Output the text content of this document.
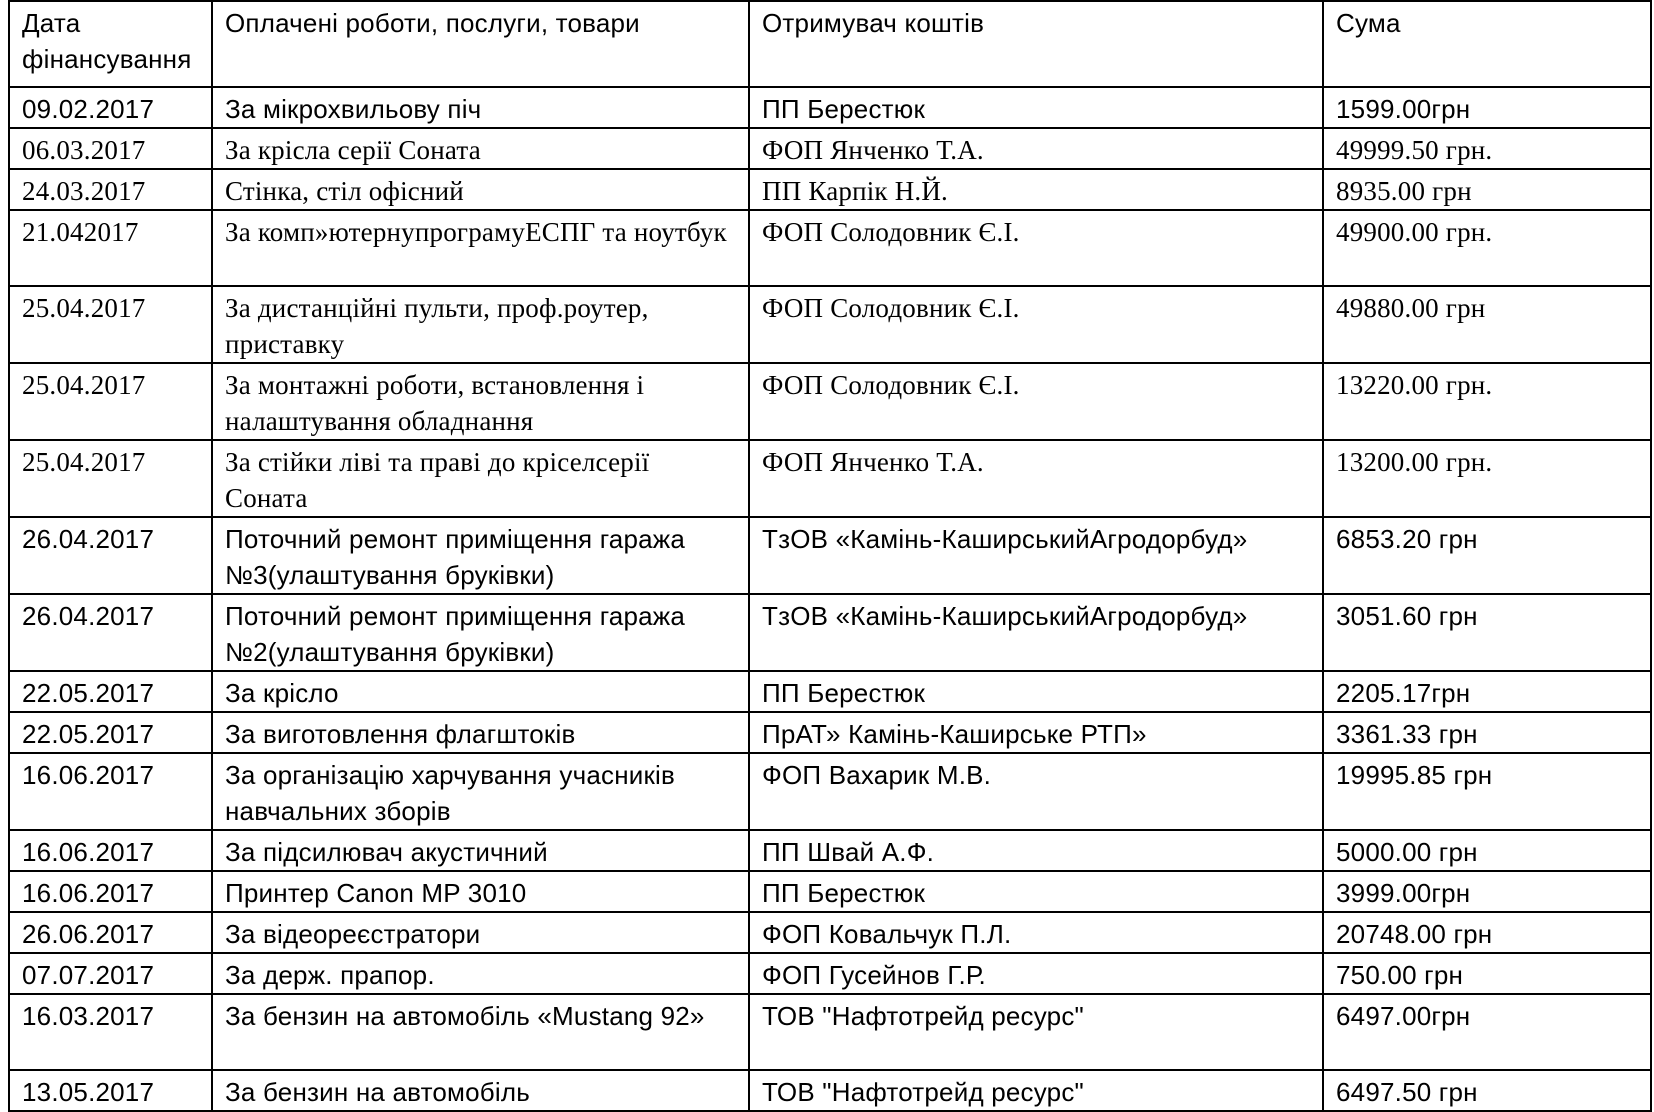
Дата фінансування	Оплачені роботи, послуги, товари	Отримувач коштів	Сума
09.02.2017	За мікрохвильову піч	ПП Берестюк	1599.00грн
06.03.2017	За крісла серії Соната	ФОП Янченко Т.А.	49999.50 грн.
24.03.2017	Стінка, стіл офісний	ПП Карпік Н.Й.	8935.00 грн
21.042017	За комп»ютернупрограмуЕСПГ та ноутбук	ФОП Солодовник Є.І.	49900.00 грн.
25.04.2017	За дистанційні пульти, проф.роутер, приставку	ФОП Солодовник Є.І.	49880.00 грн
25.04.2017	За монтажні роботи, встановлення і налаштування обладнання	ФОП Солодовник Є.І.	13220.00 грн.
25.04.2017	За стійки ліві та праві до кріселсерії Соната	ФОП Янченко Т.А.	13200.00 грн.
26.04.2017	Поточний ремонт приміщення гаража №3(улаштування бруківки)	ТзОВ «Камінь-КаширськийАгродорбуд»	6853.20 грн
26.04.2017	Поточний ремонт приміщення гаража №2(улаштування бруківки)	ТзОВ «Камінь-КаширськийАгродорбуд»	3051.60 грн
22.05.2017	За крісло	ПП Берестюк	2205.17грн
22.05.2017	За виготовлення флагштоків	ПрАТ» Камінь-Каширське РТП»	3361.33 грн
16.06.2017	За організацію харчування учасників навчальних зборів	ФОП Вахарик М.В.	19995.85 грн
16.06.2017	За підсилювач акустичний	ПП Швай А.Ф.	5000.00 грн
16.06.2017	Принтер Canon MP 3010	ПП Берестюк	3999.00грн
26.06.2017	За відеореєстратори	ФОП Ковальчук П.Л.	20748.00 грн
07.07.2017	За держ. прапор.	ФОП Гусейнов Г.Р.	750.00 грн
16.03.2017	За бензин на автомобіль «Mustang 92»	ТОВ "Нафтотрейд ресурс"	6497.00грн
13.05.2017	За бензин на автомобіль	ТОВ "Нафтотрейд ресурс"	6497.50 грн
